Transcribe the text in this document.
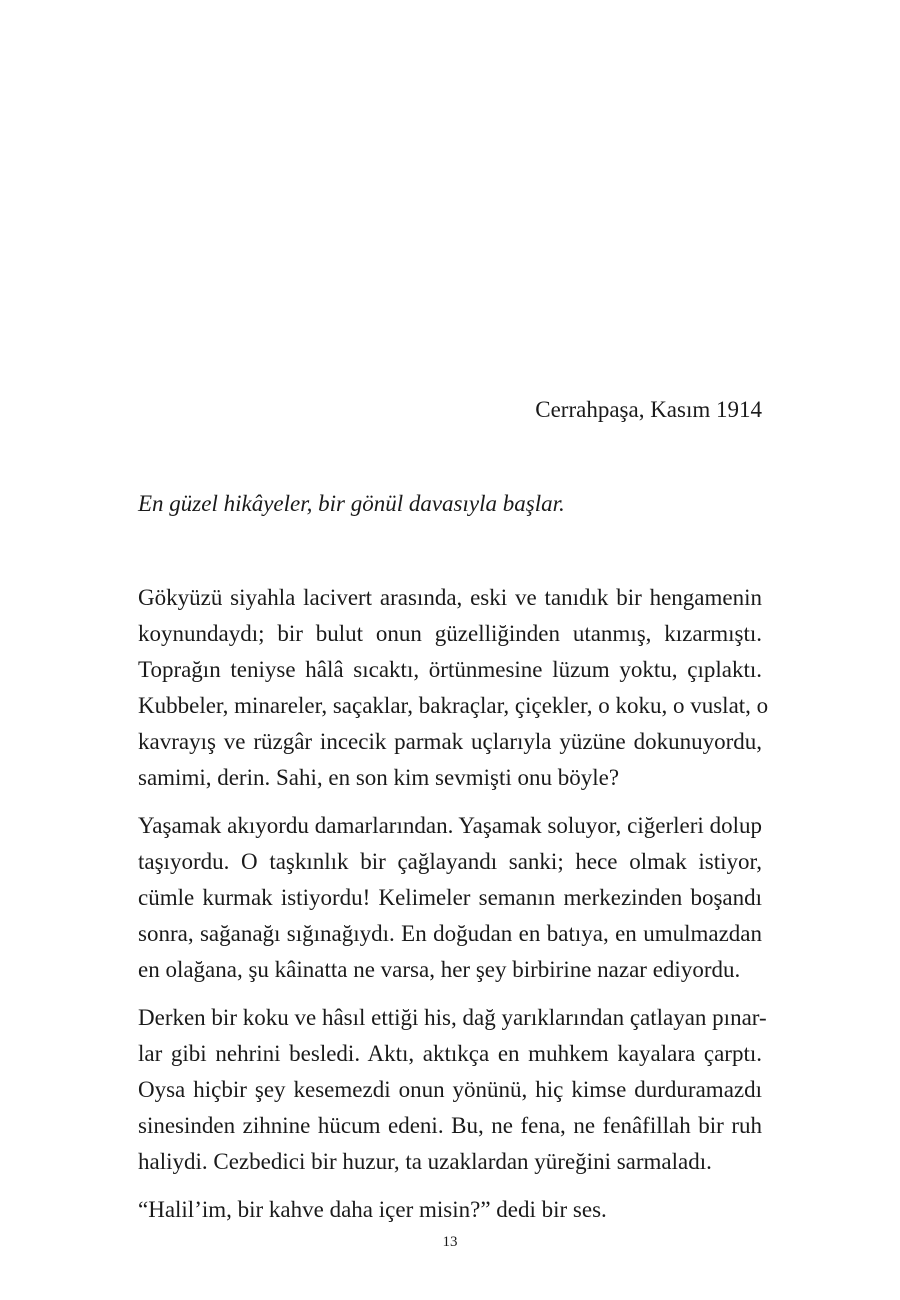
Cerrahpaşa, Kasım 1914
En güzel hikâyeler, bir gönül davasıyla başlar.
Gökyüzü siyahla lacivert arasında, eski ve tanıdık bir hengamenin
koynundaydı; bir bulut onun güzelliğinden utanmış, kızarmıştı.
Toprağın teniyse hâlâ sıcaktı, örtünmesine lüzum yoktu, çıplaktı.
Kubbeler, minareler, saçaklar, bakraçlar, çiçekler, o koku, o vuslat, o
kavrayış ve rüzgâr incecik parmak uçlarıyla yüzüne dokunuyordu,
samimi, derin. Sahi, en son kim sevmişti onu böyle?
Yaşamak akıyordu damarlarından. Yaşamak soluyor, ciğerleri dolup
taşıyordu. O taşkınlık bir çağlayandı sanki; hece olmak istiyor,
cümle kurmak istiyordu! Kelimeler semanın merkezinden boşandı
sonra, sağanağı sığınağıydı. En doğudan en batıya, en umulmazdan
en olağana, şu kâinatta ne varsa, her şey birbirine nazar ediyordu.
Derken bir koku ve hâsıl ettiği his, dağ yarıklarından çatlayan pınar-
lar gibi nehrini besledi. Aktı, aktıkça en muhkem kayalara çarptı.
Oysa hiçbir şey kesemezdi onun yönünü, hiç kimse durduramazdı
sinesinden zihnine hücum edeni. Bu, ne fena, ne fenâfillah bir ruh
haliydi. Cezbedici bir huzur, ta uzaklardan yüreğini sarmaladı.
“Halil’im, bir kahve daha içer misin?” dedi bir ses.
13
